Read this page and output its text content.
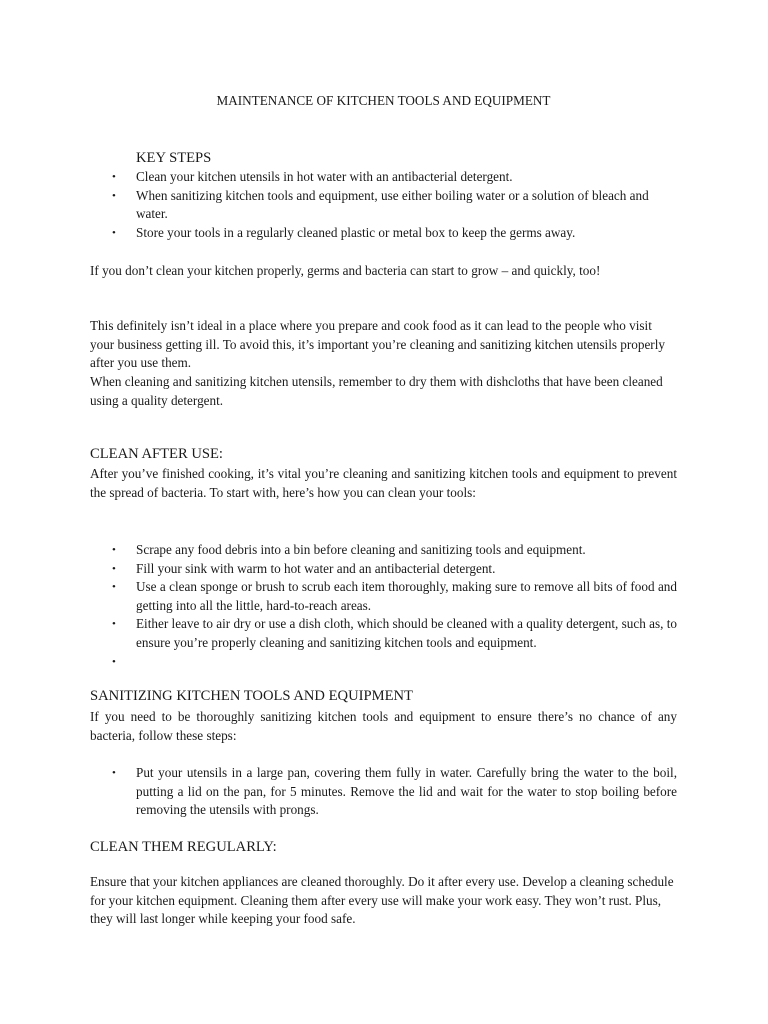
MAINTENANCE OF KITCHEN TOOLS AND EQUIPMENT
KEY STEPS
• Clean your kitchen utensils in hot water with an antibacterial detergent.
• When sanitizing kitchen tools and equipment, use either boiling water or a solution of bleach and water.
• Store your tools in a regularly cleaned plastic or metal box to keep the germs away.

If you don’t clean your kitchen properly, germs and bacteria can start to grow – and quickly, too!

This definitely isn’t ideal in a place where you prepare and cook food as it can lead to the people who visit your business getting ill. To avoid this, it’s important you’re cleaning and sanitizing kitchen utensils properly after you use them.

When cleaning and sanitizing kitchen utensils, remember to dry them with dishcloths that have been cleaned using a quality detergent.

CLEAN AFTER USE:

After you’ve finished cooking, it’s vital you’re cleaning and sanitizing kitchen tools and equipment to prevent the spread of bacteria. To start with, here’s how you can clean your tools:

• Scrape any food debris into a bin before cleaning and sanitizing tools and equipment.
• Fill your sink with warm to hot water and an antibacterial detergent.
• Use a clean sponge or brush to scrub each item thoroughly, making sure to remove all bits of food and getting into all the little, hard-to-reach areas.
• Either leave to air dry or use a dish cloth, which should be cleaned with a quality detergent, such as, to ensure you’re properly cleaning and sanitizing kitchen tools and equipment.
•
SANITIZING KITCHEN TOOLS AND EQUIPMENT

If you need to be thoroughly sanitizing kitchen tools and equipment to ensure there’s no chance of any bacteria, follow these steps:

• Put your utensils in a large pan, covering them fully in water. Carefully bring the water to the boil, putting a lid on the pan, for 5 minutes. Remove the lid and wait for the water to stop boiling before removing the utensils with prongs.
CLEAN THEM REGULARLY:

Ensure that your kitchen appliances are cleaned thoroughly. Do it after every use. Develop a cleaning schedule for your kitchen equipment. Cleaning them after every use will make your work easy. They won’t rust. Plus, they will last longer while keeping your food safe.
